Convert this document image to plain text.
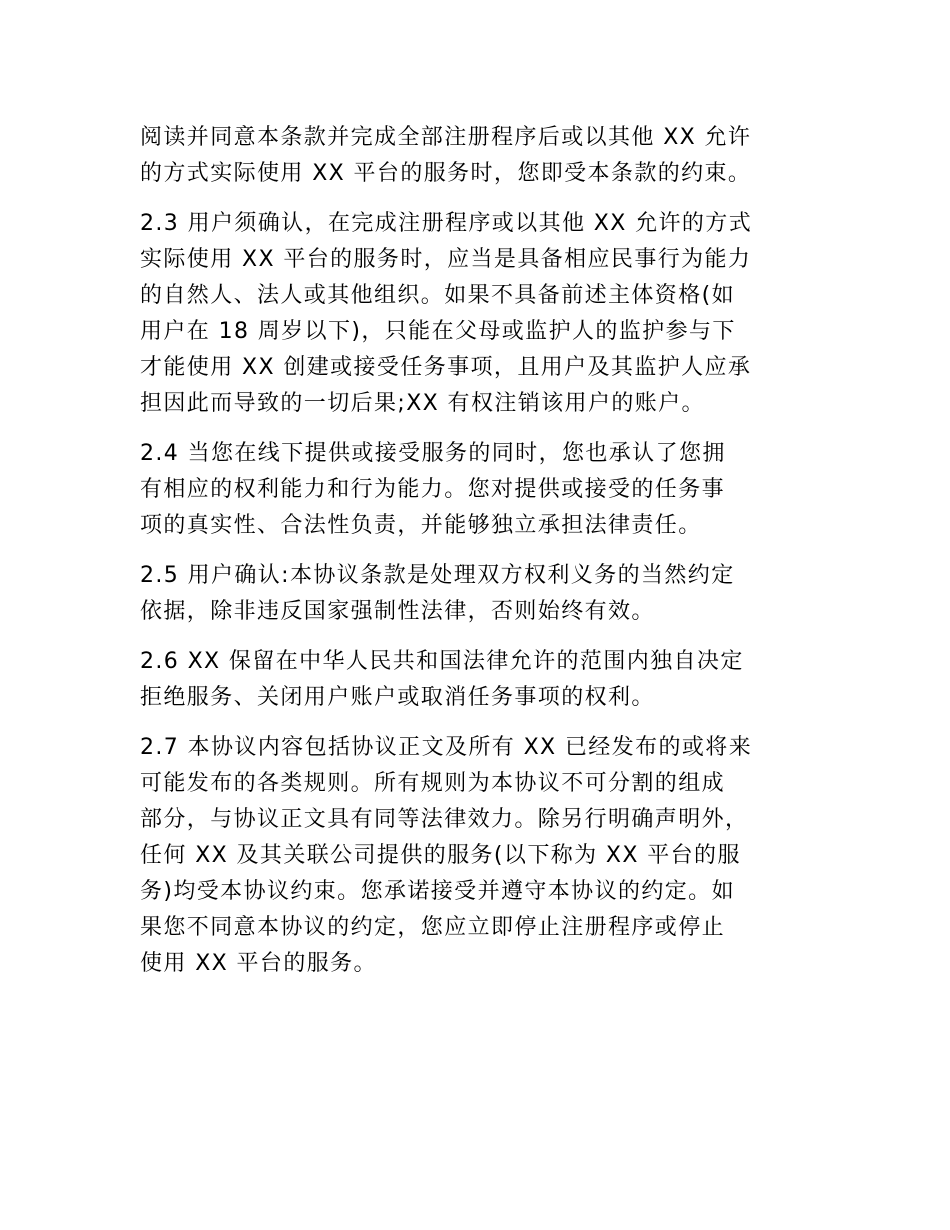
阅读并同意本条款并完成全部注册程序后或以其他 XX 允许
的方式实际使用 XX 平台的服务时，您即受本条款的约束。

2.3 用户须确认，在完成注册程序或以其他 XX 允许的方式
实际使用 XX 平台的服务时，应当是具备相应民事行为能力
的自然人、法人或其他组织。如果不具备前述主体资格(如
用户在 18 周岁以下)，只能在父母或监护人的监护参与下
才能使用 XX 创建或接受任务事项，且用户及其监护人应承
担因此而导致的一切后果;XX 有权注销该用户的账户。

2.4 当您在线下提供或接受服务的同时，您也承认了您拥
有相应的权利能力和行为能力。您对提供或接受的任务事
项的真实性、合法性负责，并能够独立承担法律责任。

2.5 用户确认:本协议条款是处理双方权利义务的当然约定
依据，除非违反国家强制性法律，否则始终有效。

2.6 XX 保留在中华人民共和国法律允许的范围内独自决定
拒绝服务、关闭用户账户或取消任务事项的权利。

2.7 本协议内容包括协议正文及所有 XX 已经发布的或将来
可能发布的各类规则。所有规则为本协议不可分割的组成
部分，与协议正文具有同等法律效力。除另行明确声明外，
任何 XX 及其关联公司提供的服务(以下称为 XX 平台的服
务)均受本协议约束。您承诺接受并遵守本协议的约定。如
果您不同意本协议的约定，您应立即停止注册程序或停止
使用 XX 平台的服务。
